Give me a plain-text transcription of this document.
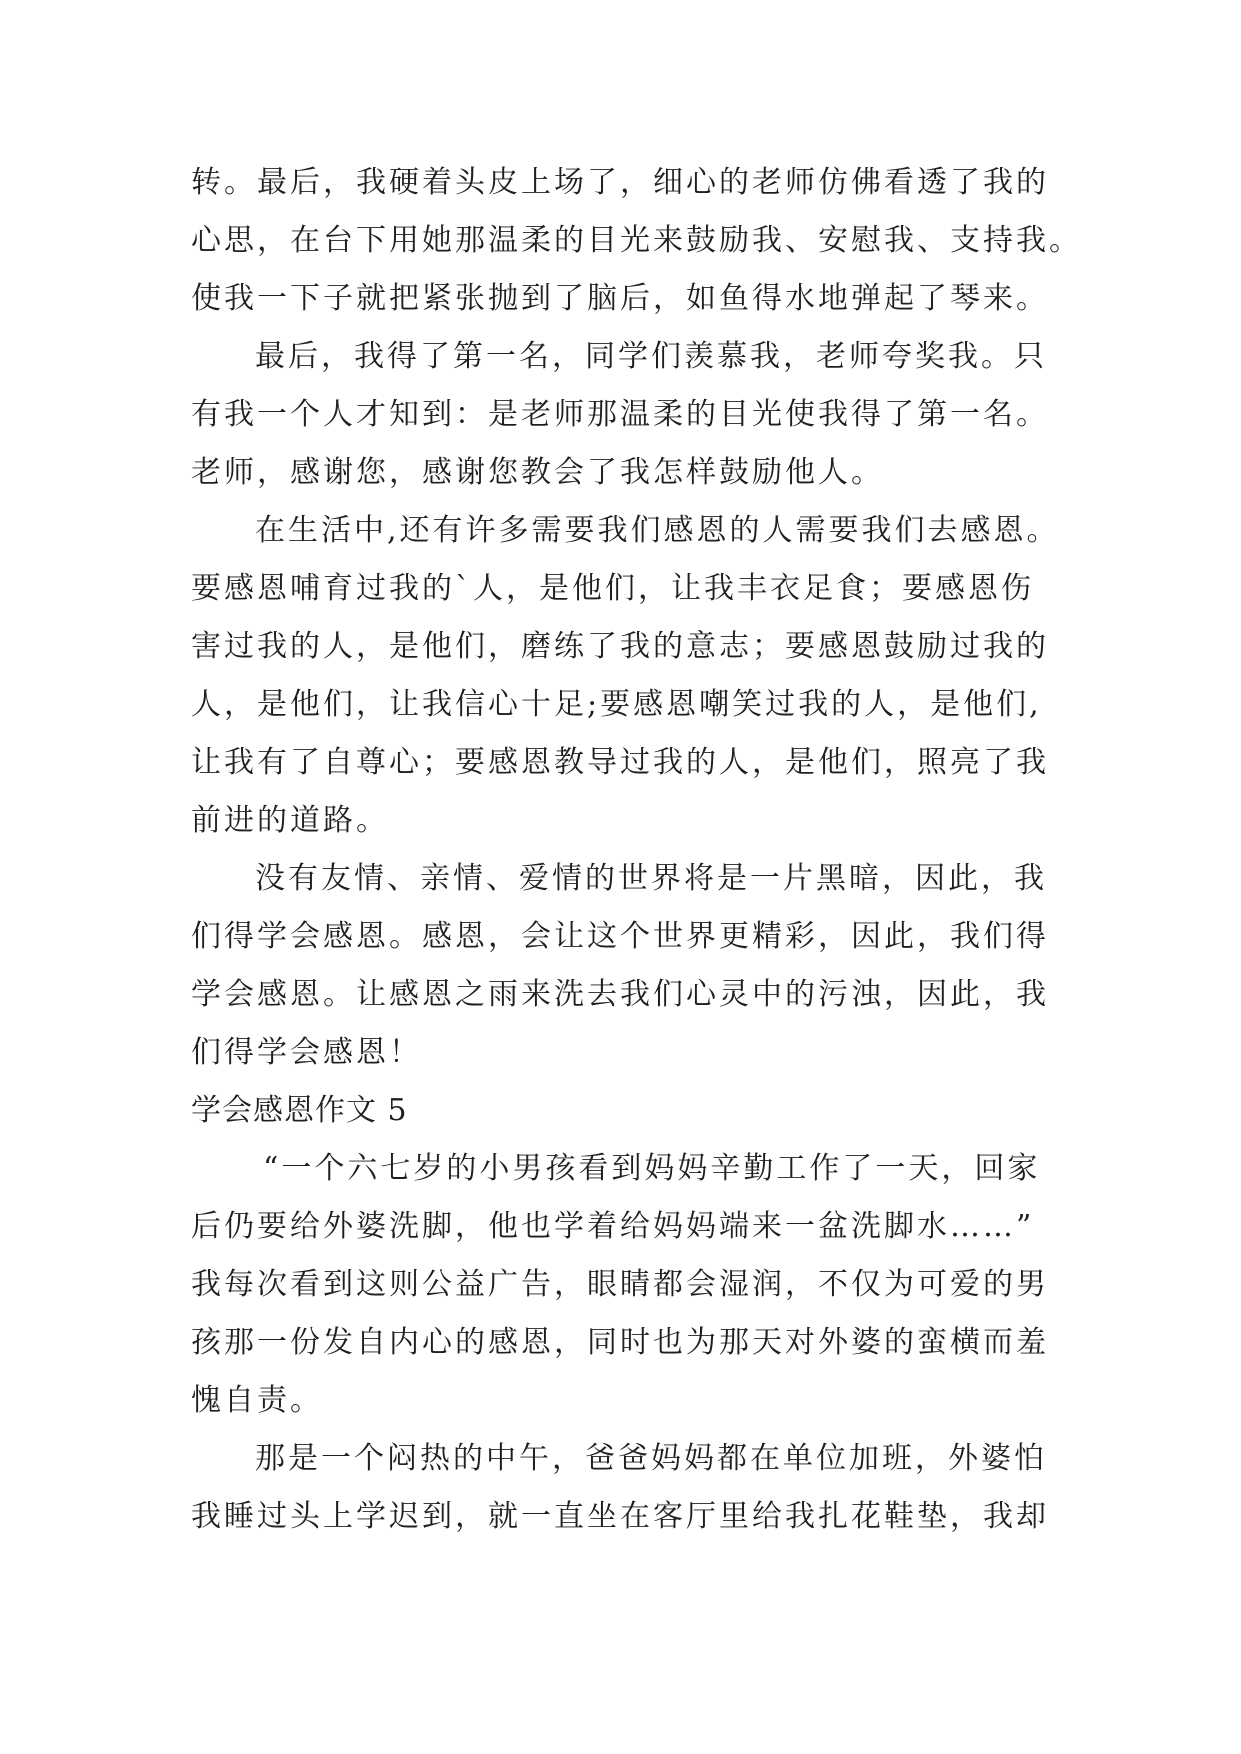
转。最后，我硬着头皮上场了，细心的老师仿佛看透了我的
心思，在台下用她那温柔的目光来鼓励我、安慰我、支持我。
使我一下子就把紧张抛到了脑后，如鱼得水地弹起了琴来。
最后，我得了第一名，同学们羡慕我，老师夸奖我。只
有我一个人才知到：是老师那温柔的目光使我得了第一名。
老师，感谢您，感谢您教会了我怎样鼓励他人。
在生活中,还有许多需要我们感恩的人需要我们去感恩。
要感恩哺育过我的`人，是他们，让我丰衣足食；要感恩伤
害过我的人，是他们，磨练了我的意志；要感恩鼓励过我的
人，是他们，让我信心十足;要感恩嘲笑过我的人，是他们,
让我有了自尊心；要感恩教导过我的人，是他们，照亮了我
前进的道路。
没有友情、亲情、爱情的世界将是一片黑暗，因此，我
们得学会感恩。感恩，会让这个世界更精彩，因此，我们得
学会感恩。让感恩之雨来洗去我们心灵中的污浊，因此，我
们得学会感恩！
学会感恩作文 5
“一个六七岁的小男孩看到妈妈辛勤工作了一天，回家
后仍要给外婆洗脚，他也学着给妈妈端来一盆洗脚水……”
我每次看到这则公益广告，眼睛都会湿润，不仅为可爱的男
孩那一份发自内心的感恩，同时也为那天对外婆的蛮横而羞
愧自责。
那是一个闷热的中午，爸爸妈妈都在单位加班，外婆怕
我睡过头上学迟到，就一直坐在客厅里给我扎花鞋垫，我却
